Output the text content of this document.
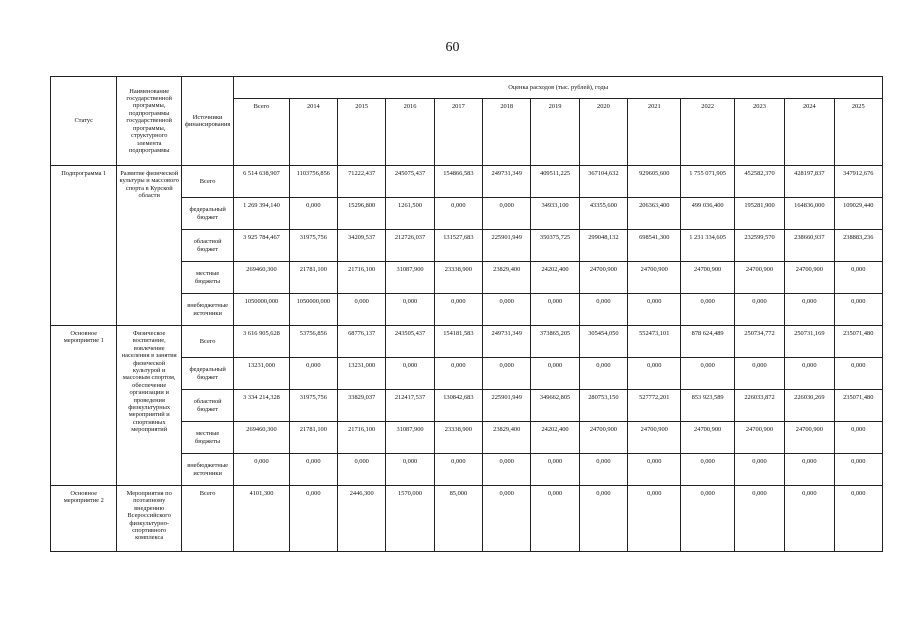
60
Статус	Наименование государственной программы, подпрограммы государственной программы, структурного элемента подпрограммы	Источники финансирования	Оценка расходов (тыс. рублей), годы												
			Всего	2014	2015	2016	2017	2018	2019	2020	2021	2022	2023	2024	2025
Подпрограмма 1	Развитие физической культуры и массового спорта в Курской области	Всего	6 514 638,907	1103756,856	71222,437	245075,437	154866,583	249731,349	409511,225	367104,632	929605,600	1 755 071,905	452582,370	428197,837	347912,676
		федеральный бюджет	1 269 394,140	0,000	15296,800	1261,500	0,000	0,000	34933,100	43355,600	206363,400	499 036,400	195281,900	164836,000	109029,440
		областной бюджет	3 925 784,467	31975,756	34209,537	212726,037	131527,683	225901,949	350375,725	299048,132	698541,300	1 231 334,605	232599,570	238660,937	238883,236
		местные бюджеты	269460,300	21781,100	21716,100	31087,900	23338,900	23829,400	24202,400	24700,900	24700,900	24700,900	24700,900	24700,900	0,000
		внебюджетные источники	1050000,000	1050000,000	0,000	0,000	0,000	0,000	0,000	0,000	0,000	0,000	0,000	0,000	0,000
Основное мероприятие 1	Физическое воспитание, вовлечение населения в занятия физической культурой и массовым спортом, обеспечение организации и проведения физкультурных мероприятий и спортивных мероприятий	Всего	3 616 905,628	53756,856	68776,137	243505,437	154181,583	249731,349	373865,205	305454,050	552473,101	878 624,489	250734,772	250731,169	235071,480
		федеральный бюджет	13231,000	0,000	13231,000	0,000	0,000	0,000	0,000	0,000	0,000	0,000	0,000	0,000	0,000
		областной бюджет	3 334 214,328	31975,756	33829,037	212417,537	130842,683	225901,949	349662,805	280753,150	527772,201	853 923,589	226033,872	226030,269	235071,480
		местные бюджеты	269460,300	21781,100	21716,100	31087,900	23338,900	23829,400	24202,400	24700,900	24700,900	24700,900	24700,900	24700,900	0,000
		внебюджетные источники	0,000	0,000	0,000	0,000	0,000	0,000	0,000	0,000	0,000	0,000	0,000	0,000	0,000
Основное мероприятие 2	Мероприятия по поэтапному внедрению Всероссийского физкультурно-спортивного комплекса	Всего	4101,300	0,000	2446,300	1570,000	85,000	0,000	0,000	0,000	0,000	0,000	0,000	0,000	0,000
